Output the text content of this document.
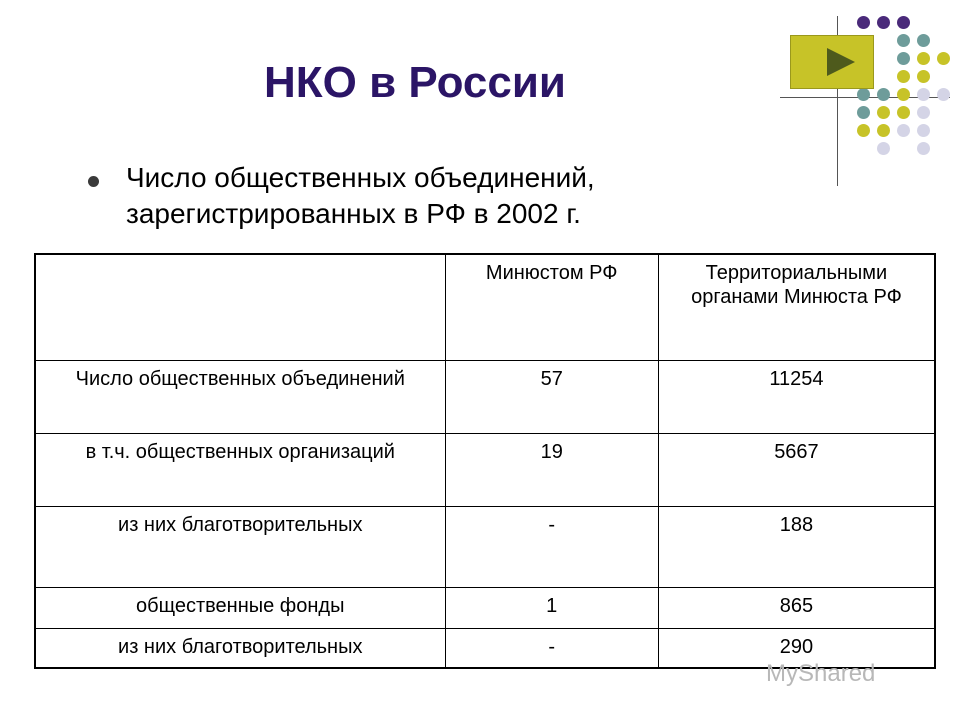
НКО в России
Число общественных объединений, зарегистрированных в РФ в 2002 г.
	Минюстом РФ	Территориальными органами Минюста РФ
Число общественных объединений	57	11254
в т.ч. общественных организаций	19	5667
из них благотворительных	-	188
общественные фонды	1	865
из них благотворительных	-	290
MyShared
